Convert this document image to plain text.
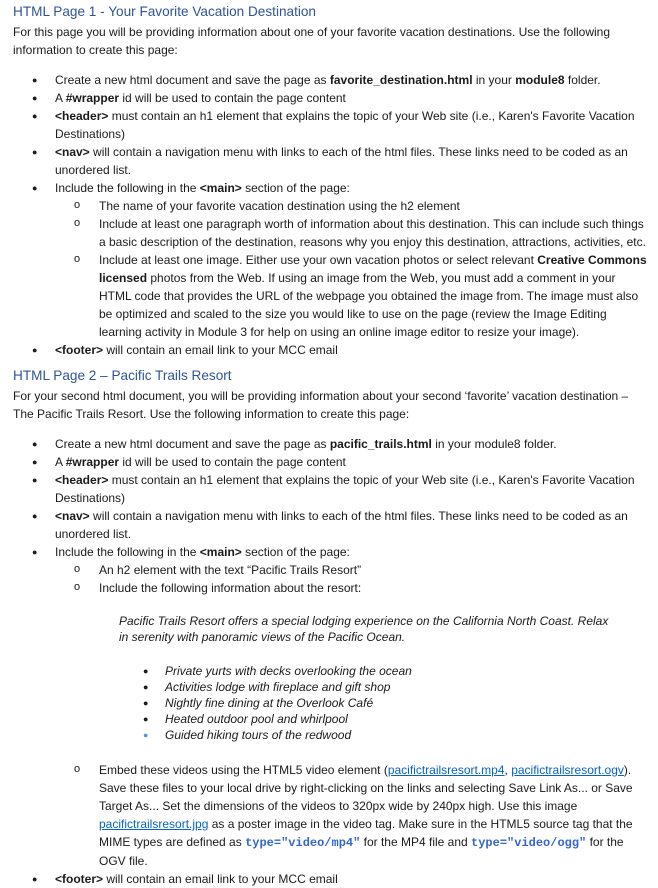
HTML Page 1 - Your Favorite Vacation Destination

For this page you will be providing information about one of your favorite vacation destinations. Use the following information to create this page:

● Create a new html document and save the page as favorite_destination.html in your module8 folder.
● A #wrapper id will be used to contain the page content
● <header> must contain an h1 element that explains the topic of your Web site (i.e., Karen's Favorite Vacation Destinations)
● <nav> will contain a navigation menu with links to each of the html files. These links need to be coded as an unordered list.
● Include the following in the <main> section of the page:
o The name of your favorite vacation destination using the h2 element
o Include at least one paragraph worth of information about this destination. This can include such things a basic description of the destination, reasons why you enjoy this destination, attractions, activities, etc.
o Include at least one image. Either use your own vacation photos or select relevant Creative Commons licensed photos from the Web. If using an image from the Web, you must add a comment in your HTML code that provides the URL of the webpage you obtained the image from. The image must also be optimized and scaled to the size you would like to use on the page (review the Image Editing learning activity in Module 3 for help on using an online image editor to resize your image).
● <footer> will contain an email link to your MCC email
HTML Page 2 – Pacific Trails Resort

For your second html document, you will be providing information about your second ‘favorite’ vacation destination – The Pacific Trails Resort. Use the following information to create this page:

● Create a new html document and save the page as pacific_trails.html in your module8 folder.
● A #wrapper id will be used to contain the page content
● <header> must contain an h1 element that explains the topic of your Web site (i.e., Karen's Favorite Vacation Destinations)
● <nav> will contain a navigation menu with links to each of the html files. These links need to be coded as an unordered list.
● Include the following in the <main> section of the page:
o An h2 element with the text “Pacific Trails Resort”
o Include the following information about the resort:

Pacific Trails Resort offers a special lodging experience on the California North Coast. Relax in serenity with panoramic views of the Pacific Ocean.

● Private yurts with decks overlooking the ocean
● Activities lodge with fireplace and gift shop
● Nightly fine dining at the Overlook Café
● Heated outdoor pool and whirlpool
● Guided hiking tours of the redwood
o Embed these videos using the HTML5 video element (pacifictrailsresort.mp4, pacifictrailsresort.ogv). Save these files to your local drive by right-clicking on the links and selecting Save Link As... or Save Target As... Set the dimensions of the videos to 320px wide by 240px high. Use this image pacifictrailsresort.jpg as a poster image in the video tag. Make sure in the HTML5 source tag that the MIME types are defined as type="video/mp4" for the MP4 file and type="video/ogg" for the OGV file.
● <footer> will contain an email link to your MCC email
